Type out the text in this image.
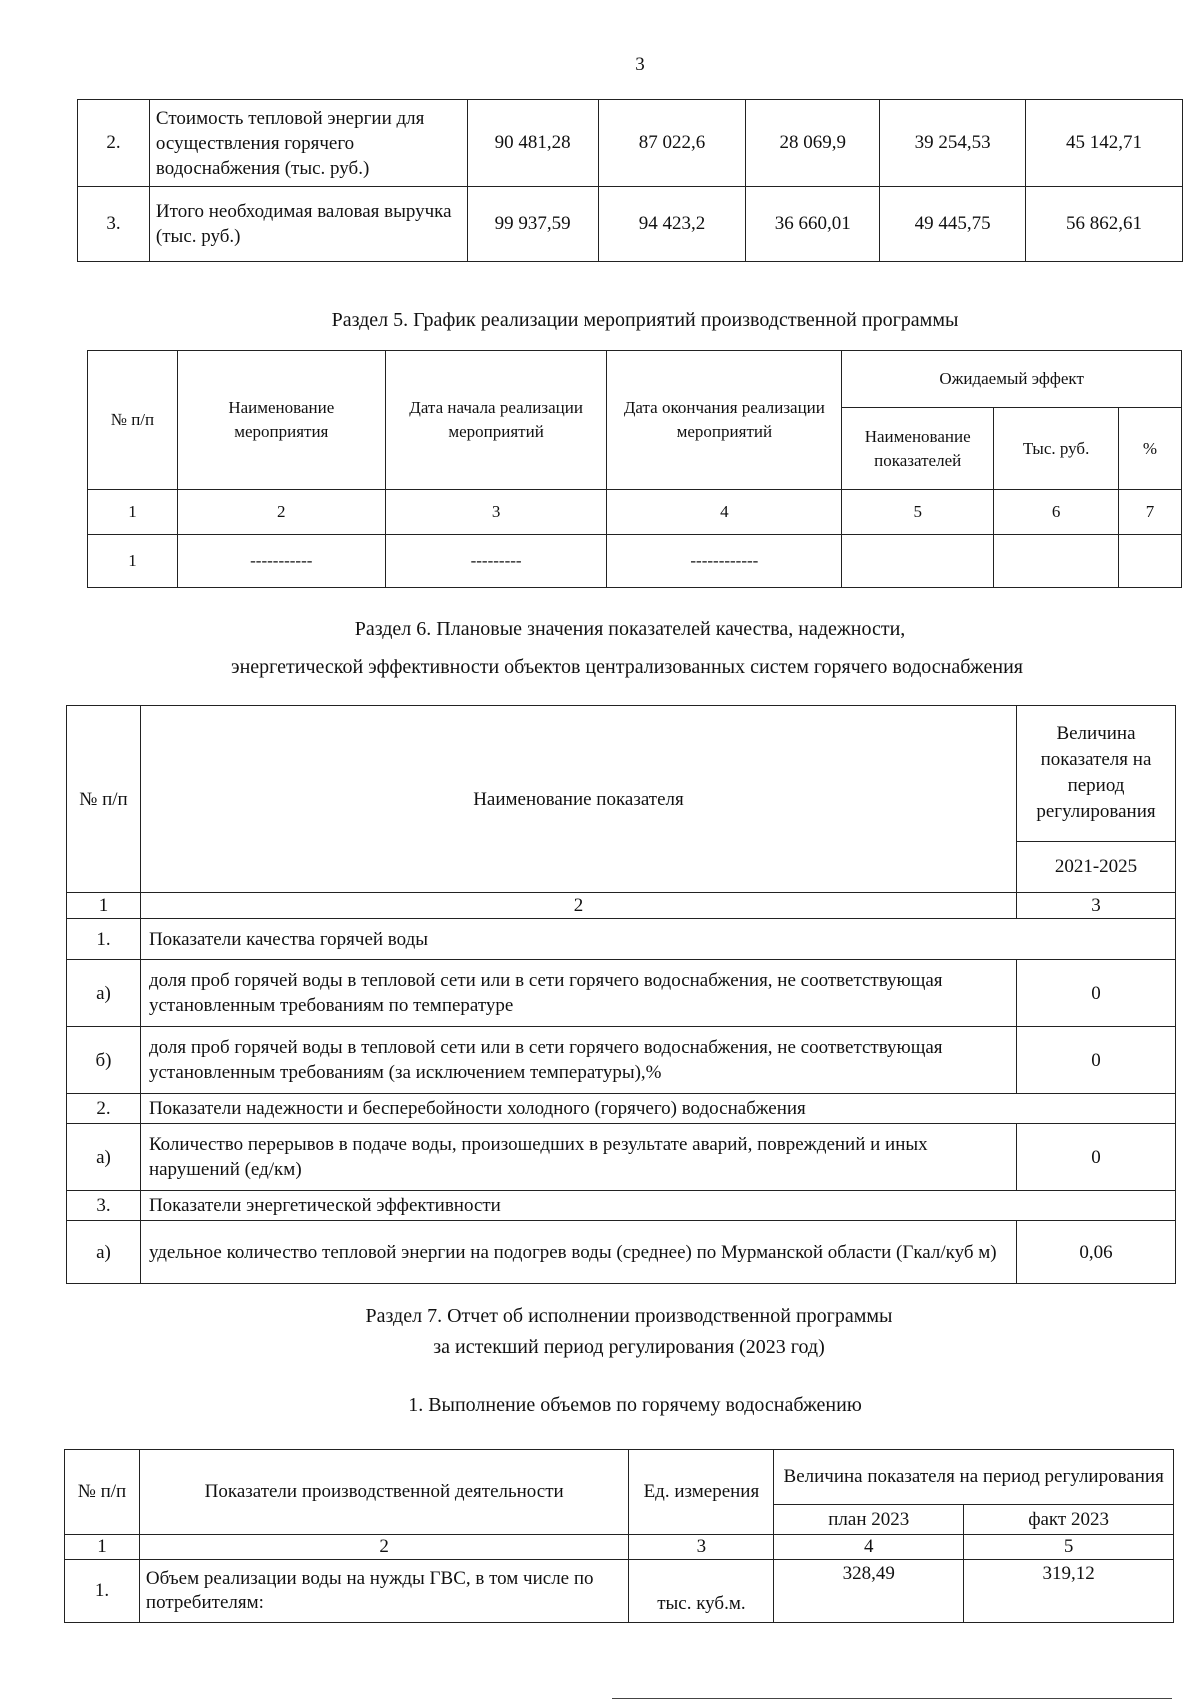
3
2.	Стоимость тепловой энергии для осуществления горячего водоснабжения (тыс. руб.)	90 481,28	87 022,6	28 069,9	39 254,53	45 142,71
3.	Итого необходимая валовая выручка (тыс. руб.)	99 937,59	94 423,2	36 660,01	49 445,75	56 862,61
Раздел 5. График реализации мероприятий производственной программы
№ п/п	Наименование мероприятия	Дата начала реализации мероприятий	Дата окончания реализации мероприятий	Ожидаемый эффект		
				Наименование показателей	Тыс. руб.	%
1	2	3	4	5	6	7
1	-----------	---------	------------			
Раздел 6. Плановые значения показателей качества, надежности,
энергетической эффективности объектов централизованных систем горячего водоснабжения
№ п/п	Наименование показателя	Величина показателя на период регулирования
		2021-2025
1	2	3
1.	Показатели качества горячей воды	
а)	доля проб горячей воды в тепловой сети или в сети горячего водоснабжения, не соответствующая установленным требованиям по температуре	0
б)	доля проб горячей воды в тепловой сети или в сети горячего водоснабжения, не соответствующая установленным требованиям (за исключением температуры),%	0
2.	Показатели надежности и бесперебойности холодного (горячего) водоснабжения	
а)	Количество перерывов в подаче воды, произошедших в результате аварий, повреждений и иных нарушений (ед/км)	0
3.	Показатели энергетической эффективности	
а)	удельное количество тепловой энергии на подогрев воды (среднее) по Мурманской области (Гкал/куб м)	0,06
Раздел 7. Отчет об исполнении производственной программы
за истекший период регулирования (2023 год)
1. Выполнение объемов по горячему водоснабжению
№ п/п	Показатели производственной деятельности	Ед. измерения	Величина показателя на период регулирования	
			план 2023	факт 2023
1	2	3	4	5
1.	Объем реализации воды на нужды ГВС, в том числе по потребителям:	тыс. куб.м.	328,49	319,12
